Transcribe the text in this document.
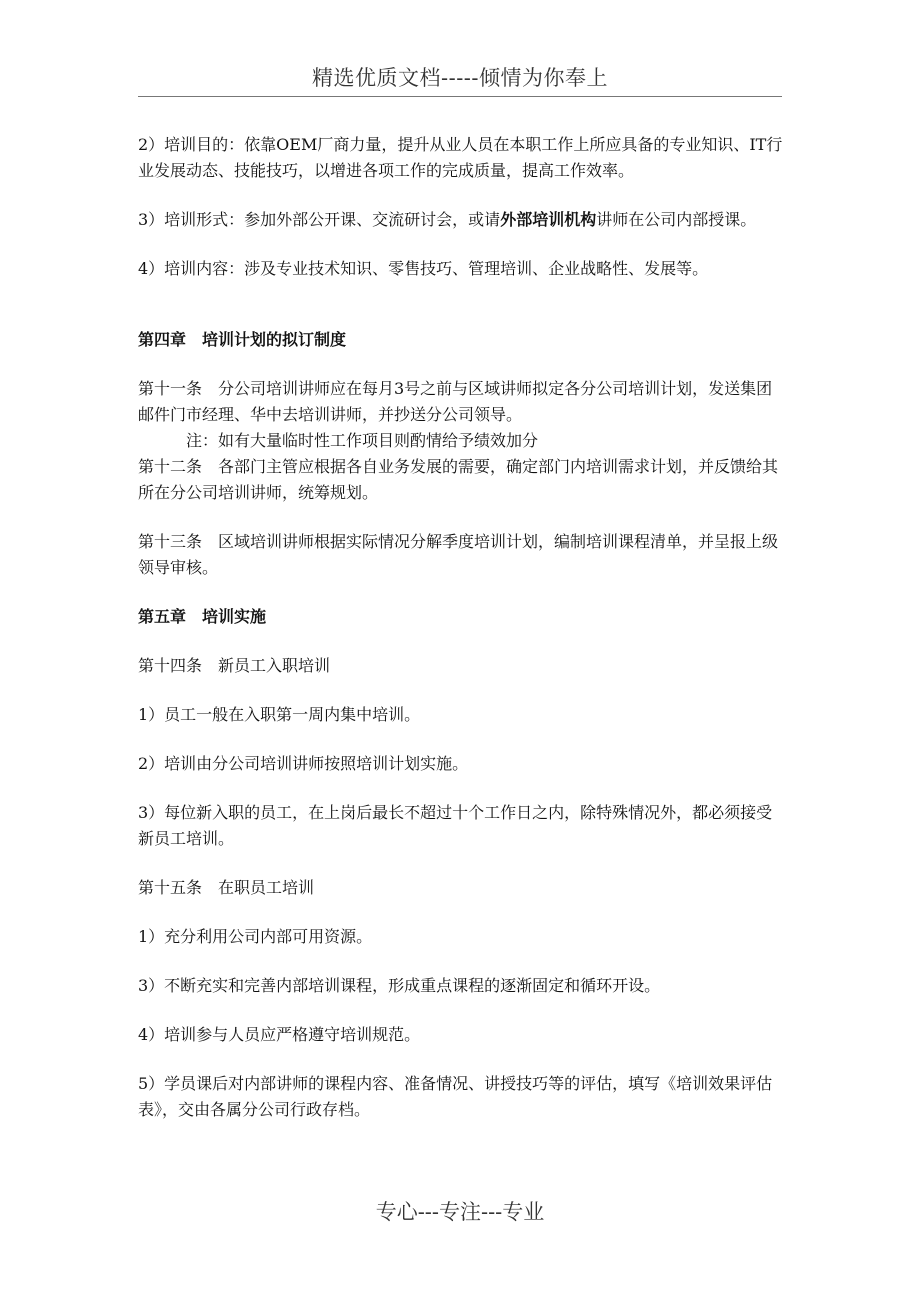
精选优质文档-----倾情为你奉上

2）培训目的：依靠OEM厂商力量，提升从业人员在本职工作上所应具备的专业知识、IT行业发展动态、技能技巧，以增进各项工作的完成质量，提高工作效率。

3）培训形式：参加外部公开课、交流研讨会，或请外部培训机构讲师在公司内部授课。

4）培训内容：涉及专业技术知识、零售技巧、管理培训、企业战略性、发展等。

第四章　培训计划的拟订制度

第十一条　分公司培训讲师应在每月3号之前与区域讲师拟定各分公司培训计划，发送集团邮件门市经理、华中去培训讲师，并抄送分公司领导。

注：如有大量临时性工作项目则酌情给予绩效加分

第十二条　各部门主管应根据各自业务发展的需要，确定部门内培训需求计划，并反馈给其所在分公司培训讲师，统筹规划。

第十三条　区域培训讲师根据实际情况分解季度培训计划，编制培训课程清单，并呈报上级领导审核。

第五章　培训实施

第十四条　新员工入职培训

1）员工一般在入职第一周内集中培训。

2）培训由分公司培训讲师按照培训计划实施。

3）每位新入职的员工，在上岗后最长不超过十个工作日之内，除特殊情况外，都必须接受新员工培训。

第十五条　在职员工培训

1）充分利用公司内部可用资源。

3）不断充实和完善内部培训课程，形成重点课程的逐渐固定和循环开设。

4）培训参与人员应严格遵守培训规范。

5）学员课后对内部讲师的课程内容、准备情况、讲授技巧等的评估，填写《培训效果评估表》，交由各属分公司行政存档。

专心---专注---专业
